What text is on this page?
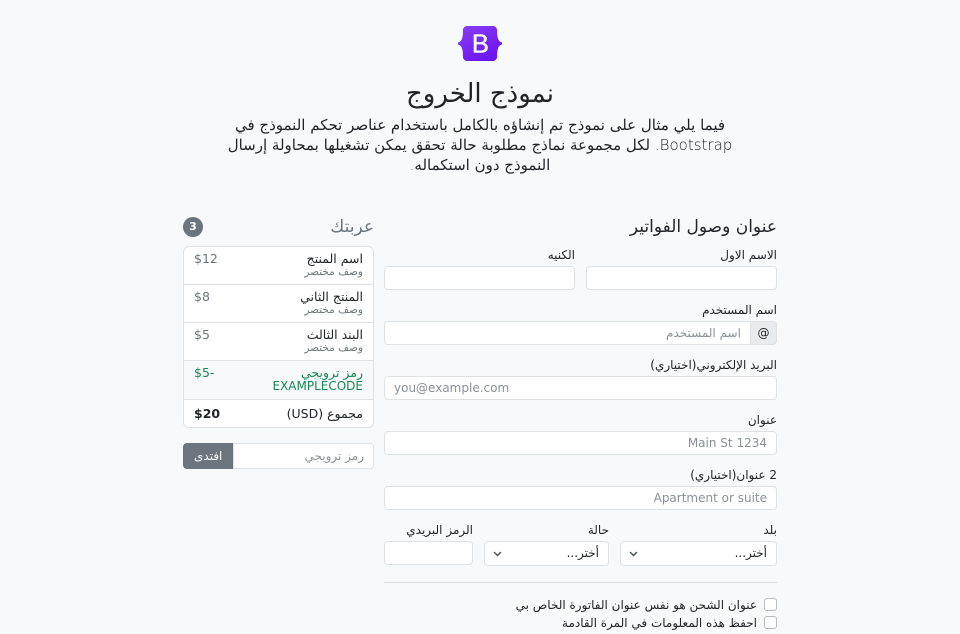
نموذج الخروج

فيما يلي مثال على نموذج تم إنشاؤه بالكامل باستخدام عناصر تحكم النموذج في Bootstrap. لكل مجموعة نماذج مطلوبة حالة تحقق يمكن تشغيلها بمحاولة إرسال النموذج دون استكماله.

عنوان وصول الفواتير
الاسم الاول
الكنيه
اسم المستخدم
@
اسم المستخدم
البريد الإلكتروني(اختياري)
you@example.com
عنوان
1234 Main St
2 عنوان(اختياري)
Apartment or suite
بلد
أختر...
حالة
أختر...
الرمز البريدي
عنوان الشحن هو نفس عنوان الفاتورة الخاص بي
احفظ هذه المعلومات في المرة القادمة
عربتك
3
اسم المنتج
وصف مختصر
$12
المنتج الثاني
وصف مختصر
$8
البند الثالث
وصف مختصر
$5
رمز ترويجي
EXAMPLECODE
-$5
مجموع (USD)
$20
رمز ترويجي
افتدى
